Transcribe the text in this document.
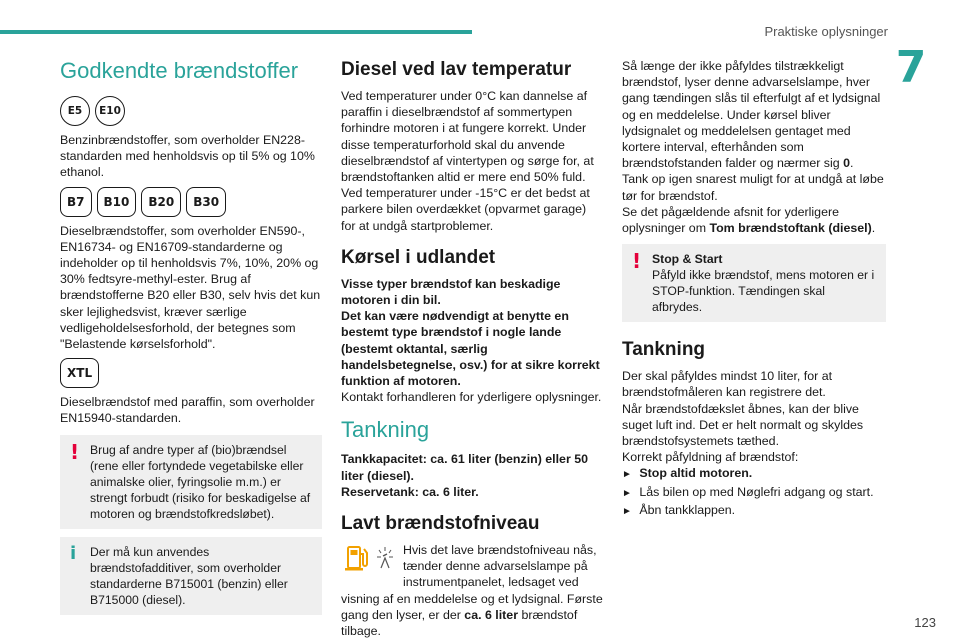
Praktiske oplysninger
7
Godkendte brændstoffer
E5	E10

Benzinbrændstoffer, som overholder EN228-standarden med henholdsvis op til 5% og 10% ethanol.

B7	B10	B20	B30

Dieselbrændstoffer, som overholder EN590-, EN16734- og EN16709-standarderne og indeholder op til henholdsvis 7%, 10%, 20% og 30% fedtsyre-methyl-ester. Brug af brændstofferne B20 eller B30, selv hvis det kun sker lejlighedsvist, kræver særlige vedligeholdelsesforhold, der betegnes som "Belastende kørselsforhold".

XTL

Dieselbrændstof med paraffin, som overholder EN15940-standarden.

! Brug af andre typer af (bio)brændsel (rene eller fortyndede vegetabilske eller animalske olier, fyringsolie m.m.) er strengt forbudt (risiko for beskadigelse af motoren og brændstofkredsløbet).
i Der må kun anvendes brændstofadditiver, som overholder standarderne B715001 (benzin) eller B715000 (diesel).
Diesel ved lav temperatur

Ved temperaturer under 0°C kan dannelse af paraffin i dieselbrændstof af sommertypen forhindre motoren i at fungere korrekt. Under disse temperaturforhold skal du anvende dieselbrændstof af vintertypen og sørge for, at brændstoftanken altid er mere end 50% fuld.
Ved temperaturer under -15°C er det bedst at parkere bilen overdækket (opvarmet garage) for at undgå startproblemer.

Kørsel i udlandet

Visse typer brændstof kan beskadige motoren i din bil.
Det kan være nødvendigt at benytte en bestemt type brændstof i nogle lande (bestemt oktantal, særlig handelsbetegnelse, osv.) for at sikre korrekt funktion af motoren.

Kontakt forhandleren for yderligere oplysninger.

Tankning

Tankkapacitet: ca. 61 liter (benzin) eller 50 liter (diesel).

Reservetank: ca. 6 liter.

Lavt brændstofniveau
Hvis det lave brændstofniveau nås, tænder denne advarselslampe på instrumentpanelet, ledsaget ved visning af en meddelelse og et lydsignal. Første gang den lyser, er der ca. 6 liter brændstof tilbage.

Så længe der ikke påfyldes tilstrækkeligt brændstof, lyser denne advarselslampe, hver gang tændingen slås til efterfulgt af et lydsignal og en meddelelse. Under kørsel bliver lydsignalet og meddelelsen gentaget med kortere interval, efterhånden som brændstofstanden falder og nærmer sig 0.
Tank op igen snarest muligt for at undgå at løbe tør for brændstof.
Se det pågældende afsnit for yderligere oplysninger om Tom brændstoftank (diesel).

! Stop & Start
Påfyld ikke brændstof, mens motoren er i STOP-funktion. Tændingen skal afbrydes.
Tankning

Der skal påfyldes mindst 10 liter, for at brændstofmåleren kan registrere det.
Når brændstofdækslet åbnes, kan der blive suget luft ind. Det er helt normalt og skyldes brændstofsystemets tæthed.
Korrekt påfyldning af brændstof:

► Stop altid motoren.
► Lås bilen op med Nøglefri adgang og start.
► Åbn tankklappen.
123
